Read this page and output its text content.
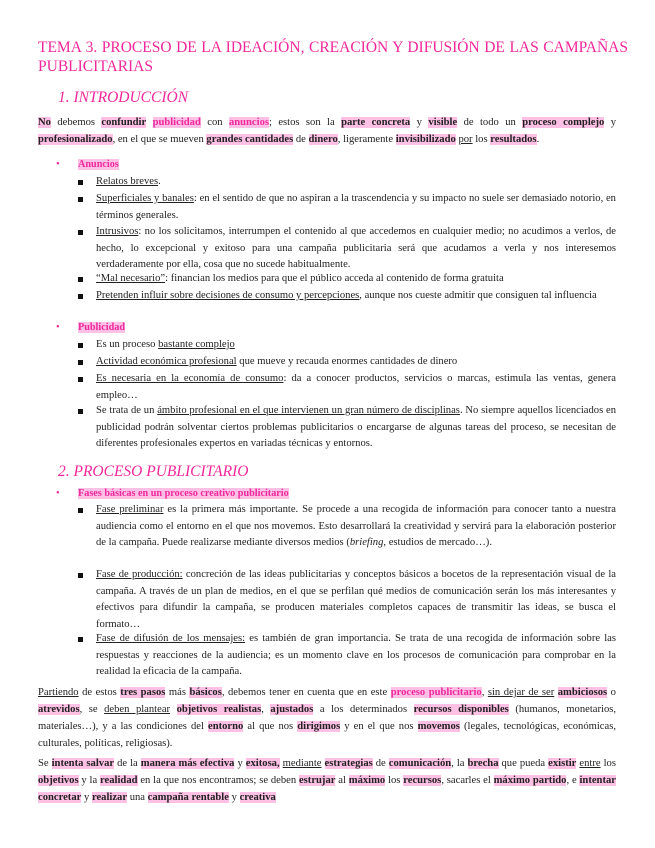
TEMA 3. PROCESO DE LA IDEACIÓN, CREACIÓN Y DIFUSIÓN DE LAS CAMPAÑAS PUBLICITARIAS
1. INTRODUCCIÓN
No debemos confundir publicidad con anuncios; estos son la parte concreta y visible de todo un proceso complejo y profesionalizado, en el que se mueven grandes cantidades de dinero, ligeramente invisibilizado por los resultados.
• Anuncios
Relatos breves.
Superficiales y banales: en el sentido de que no aspiran a la trascendencia y su impacto no suele ser demasiado notorio, en términos generales.
Intrusivos: no los solicitamos, interrumpen el contenido al que accedemos en cualquier medio; no acudimos a verlos, de hecho, lo excepcional y exitoso para una campaña publicitaria será que acudamos a verla y nos interesemos verdaderamente por ella, cosa que no sucede habitualmente.
“Mal necesario”: financian los medios para que el público acceda al contenido de forma gratuita
Pretenden influir sobre decisiones de consumo y percepciones, aunque nos cueste admitir que consiguen tal influencia
• Publicidad
Es un proceso bastante complejo
Actividad económica profesional que mueve y recauda enormes cantidades de dinero
Es necesaria en la economía de consumo: da a conocer productos, servicios o marcas, estimula las ventas, genera empleo…
Se trata de un ámbito profesional en el que intervienen un gran número de disciplinas. No siempre aquellos licenciados en publicidad podrán solventar ciertos problemas publicitarios o encargarse de algunas tareas del proceso, se necesitan de diferentes profesionales expertos en variadas técnicas y entornos.
2. PROCESO PUBLICITARIO
• Fases básicas en un proceso creativo publicitario
Fase preliminar es la primera más importante. Se procede a una recogida de información para conocer tanto a nuestra audiencia como el entorno en el que nos movemos. Esto desarrollará la creatividad y servirá para la elaboración posterior de la campaña. Puede realizarse mediante diversos medios (briefing, estudios de mercado…).
Fase de producción: concreción de las ideas publicitarias y conceptos básicos a bocetos de la representación visual de la campaña. A través de un plan de medios, en el que se perfilan qué medios de comunicación serán los más interesantes y efectivos para difundir la campaña, se producen materiales completos capaces de transmitir las ideas, se busca el formato…
Fase de difusión de los mensajes: es también de gran importancia. Se trata de una recogida de información sobre las respuestas y reacciones de la audiencia; es un momento clave en los procesos de comunicación para comprobar en la realidad la eficacia de la campaña.
Partiendo de estos tres pasos más básicos, debemos tener en cuenta que en este proceso publicitario, sin dejar de ser ambiciosos o atrevidos, se deben plantear objetivos realistas, ajustados a los determinados recursos disponibles (humanos, monetarios, materiales…), y a las condiciones del entorno al que nos dirigimos y en el que nos movemos (legales, tecnológicas, económicas, culturales, políticas, religiosas).
Se intenta salvar de la manera más efectiva y exitosa, mediante estrategias de comunicación, la brecha que pueda existir entre los objetivos y la realidad en la que nos encontramos; se deben estrujar al máximo los recursos, sacarles el máximo partido, e intentar concretar y realizar una campaña rentable y creativa
